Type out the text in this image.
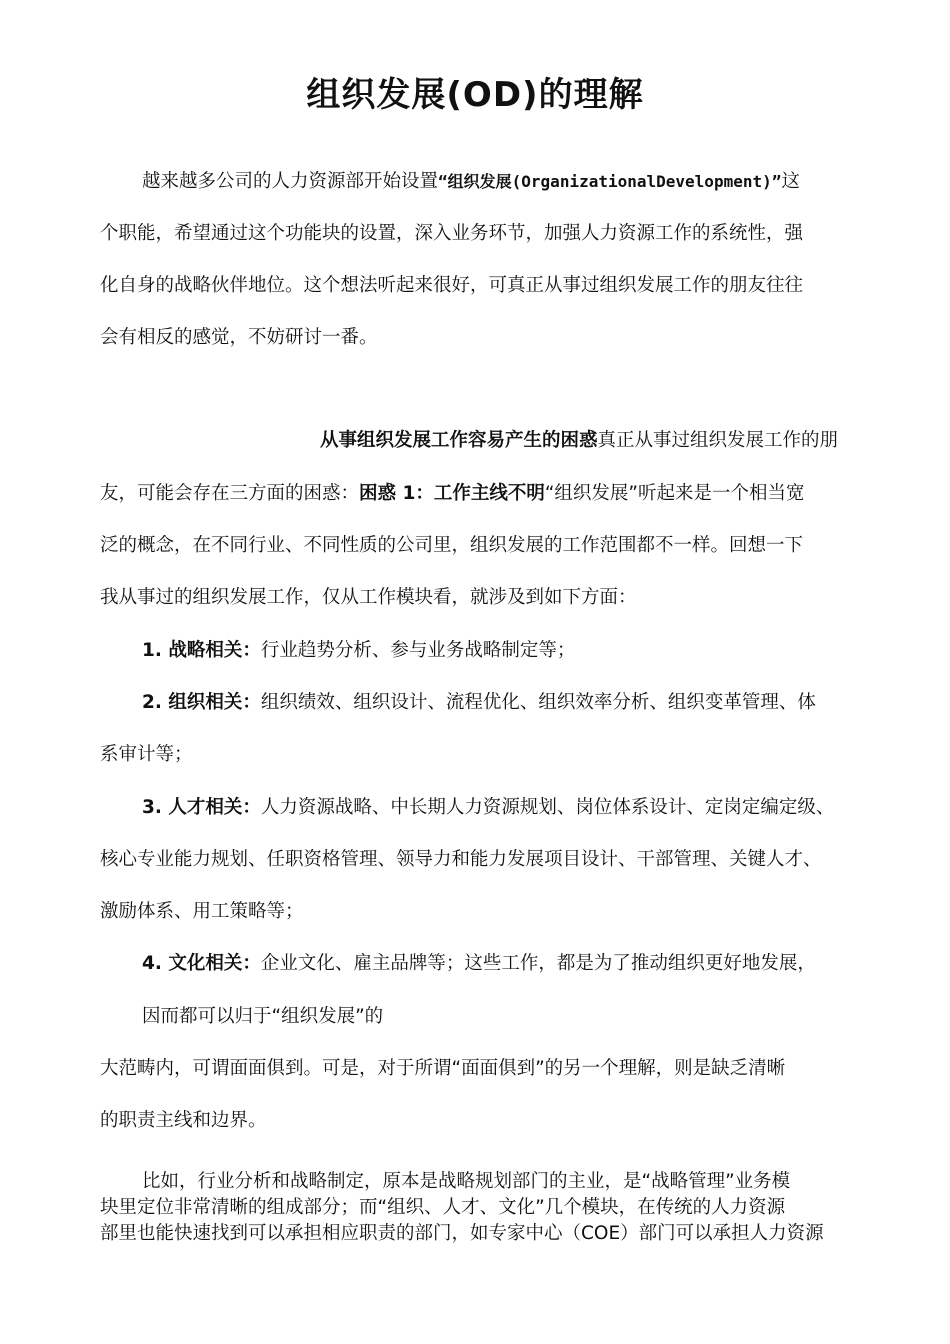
组织发展(OD)的理解
越来越多公司的人力资源部开始设置“组织发展(OrganizationalDevelopment)”这
个职能，希望通过这个功能块的设置，深入业务环节，加强人力资源工作的系统性，强
化自身的战略伙伴地位。这个想法听起来很好，可真正从事过组织发展工作的朋友往往
会有相反的感觉，不妨研讨一番。
从事组织发展工作容易产生的困惑真正从事过组织发展工作的朋
友，可能会存在三方面的困惑：困惑 1：工作主线不明“组织发展”听起来是一个相当宽
泛的概念，在不同行业、不同性质的公司里，组织发展的工作范围都不一样。回想一下
我从事过的组织发展工作，仅从工作模块看，就涉及到如下方面：
1. 战略相关：行业趋势分析、参与业务战略制定等；
2. 组织相关：组织绩效、组织设计、流程优化、组织效率分析、组织变革管理、体
系审计等；
3. 人才相关：人力资源战略、中长期人力资源规划、岗位体系设计、定岗定编定级、
核心专业能力规划、任职资格管理、领导力和能力发展项目设计、干部管理、关键人才、
激励体系、用工策略等；
4. 文化相关：企业文化、雇主品牌等；这些工作，都是为了推动组织更好地发展，
因而都可以归于“组织发展”的
大范畴内，可谓面面俱到。可是，对于所谓“面面俱到”的另一个理解，则是缺乏清晰
的职责主线和边界。
比如，行业分析和战略制定，原本是战略规划部门的主业，是“战略管理”业务模
块里定位非常清晰的组成部分；而“组织、人才、文化”几个模块，在传统的人力资源
部里也能快速找到可以承担相应职责的部门，如专家中心（COE）部门可以承担人力资源
